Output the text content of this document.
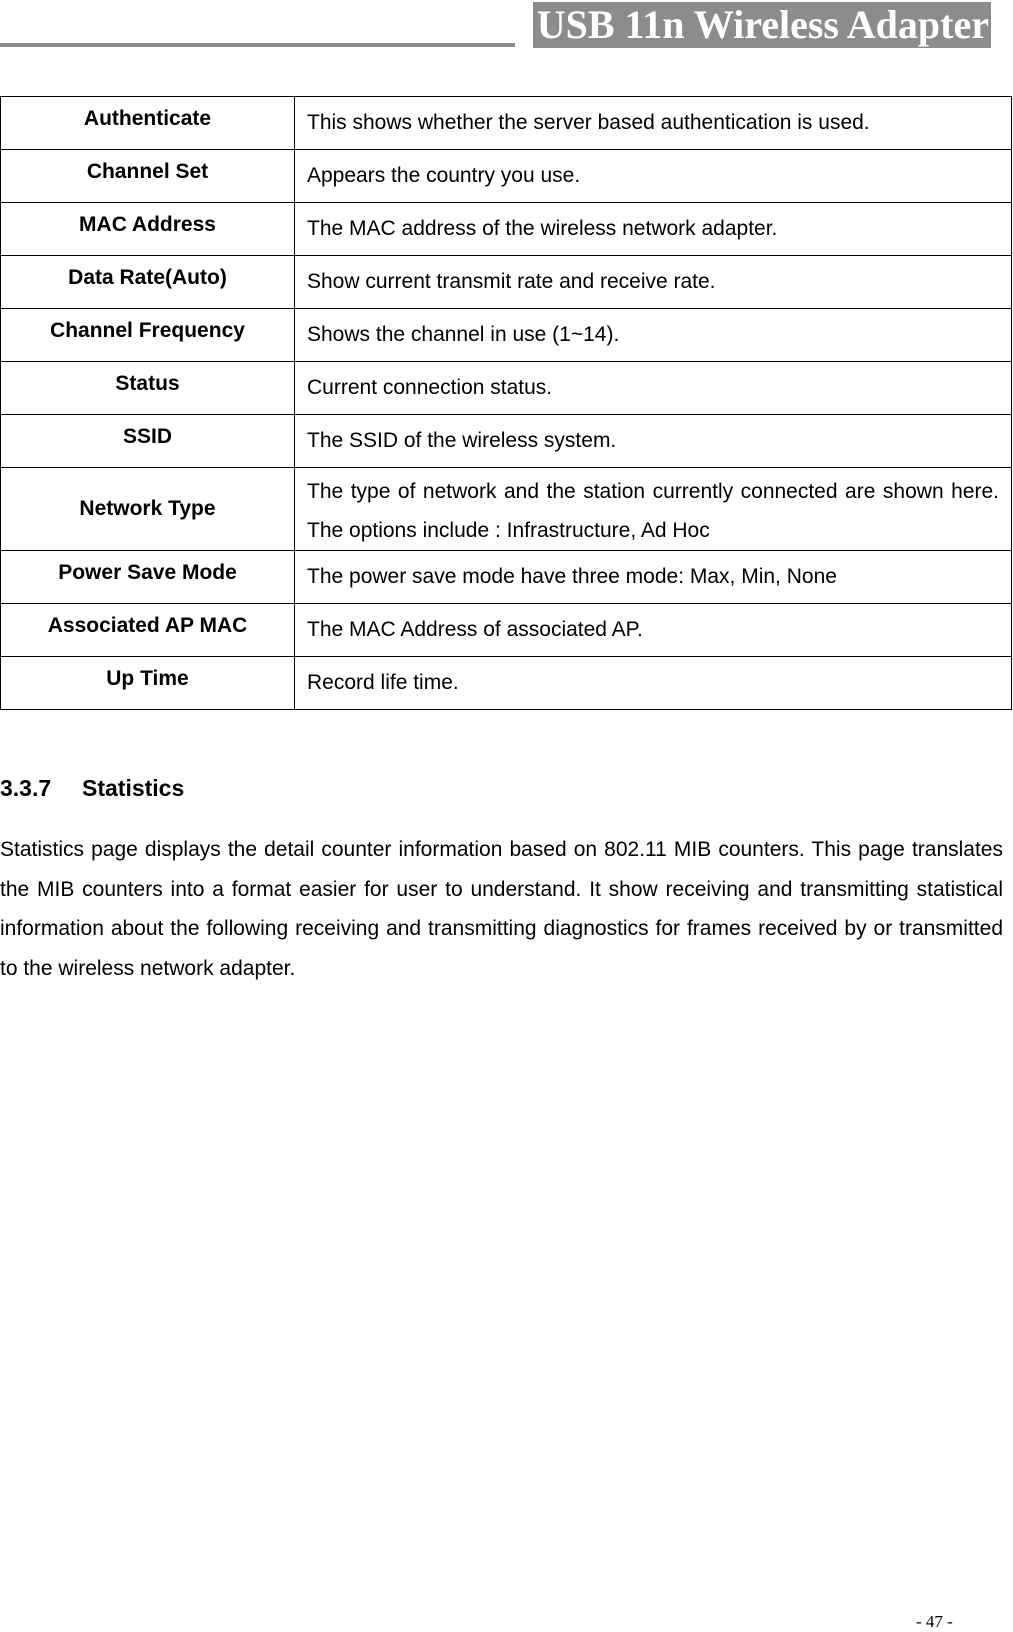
USB 11n Wireless Adapter
Authenticate	This shows whether the server based authentication is used.
Channel Set	Appears the country you use.
MAC Address	The MAC address of the wireless network adapter.
Data Rate(Auto)	Show current transmit rate and receive rate.
Channel Frequency	Shows the channel in use (1~14).
Status	Current connection status.
SSID	The SSID of the wireless system.
Network Type	The type of network and the station currently connected are shown here. The options include : Infrastructure, Ad Hoc
Power Save Mode	The power save mode have three mode: Max, Min, None
Associated AP MAC	The MAC Address of associated AP.
Up Time	Record life time.
3.3.7 Statistics

Statistics page displays the detail counter information based on 802.11 MIB counters. This page translates the MIB counters into a format easier for user to understand. It show receiving and transmitting statistical information about the following receiving and transmitting diagnostics for frames received by or transmitted to the wireless network adapter.

- 47 -
